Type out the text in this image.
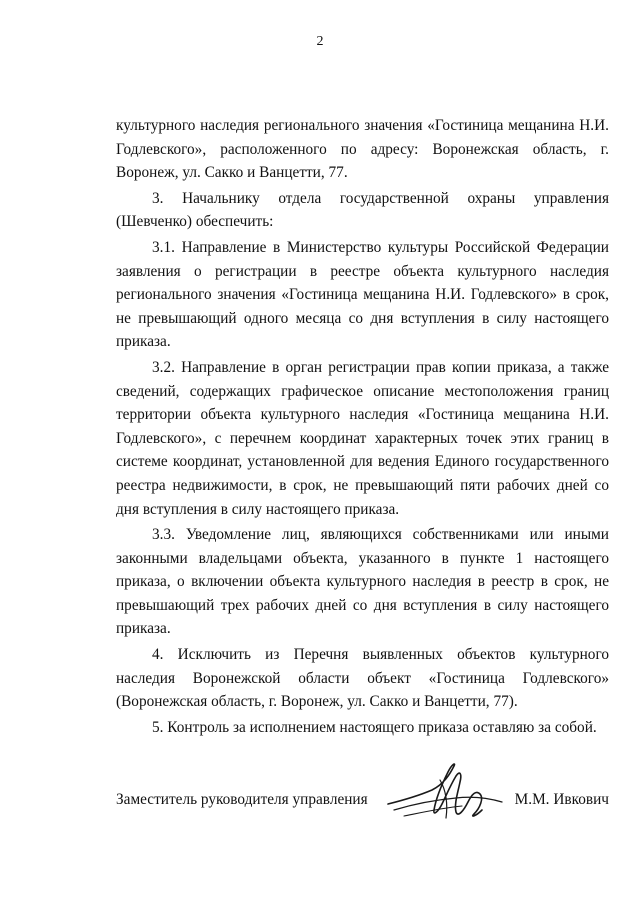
2

культурного наследия регионального значения «Гостиница мещанина Н.И. Годлевского», расположенного по адресу: Воронежская область, г. Воронеж, ул. Сакко и Ванцетти, 77.

3. Начальнику отдела государственной охраны управления

(Шевченко) обеспечить:

3.1. Направление в Министерство культуры Российской Федерации заявления о регистрации в реестре объекта культурного наследия регионального значения «Гостиница мещанина Н.И. Годлевского» в срок, не превышающий одного месяца со дня вступления в силу настоящего приказа.

3.2. Направление в орган регистрации прав копии приказа, а также сведений, содержащих графическое описание местоположения границ территории объекта культурного наследия «Гостиница мещанина Н.И. Годлевского», с перечнем координат характерных точек этих границ в системе координат, установленной для ведения Единого государственного реестра недвижимости, в срок, не превышающий пяти рабочих дней со дня вступления в силу настоящего приказа.

3.3. Уведомление лиц, являющихся собственниками или иными законными владельцами объекта, указанного в пункте 1 настоящего приказа, о включении объекта культурного наследия в реестр в срок, не превышающий трех рабочих дней со дня вступления в силу настоящего приказа.

4. Исключить из Перечня выявленных объектов культурного наследия Воронежской области объект «Гостиница Годлевского» (Воронежская область, г. Воронеж, ул. Сакко и Ванцетти, 77).

5. Контроль за исполнением настоящего приказа оставляю за собой.

Заместитель руководителя управления	М.М. Ивкович
